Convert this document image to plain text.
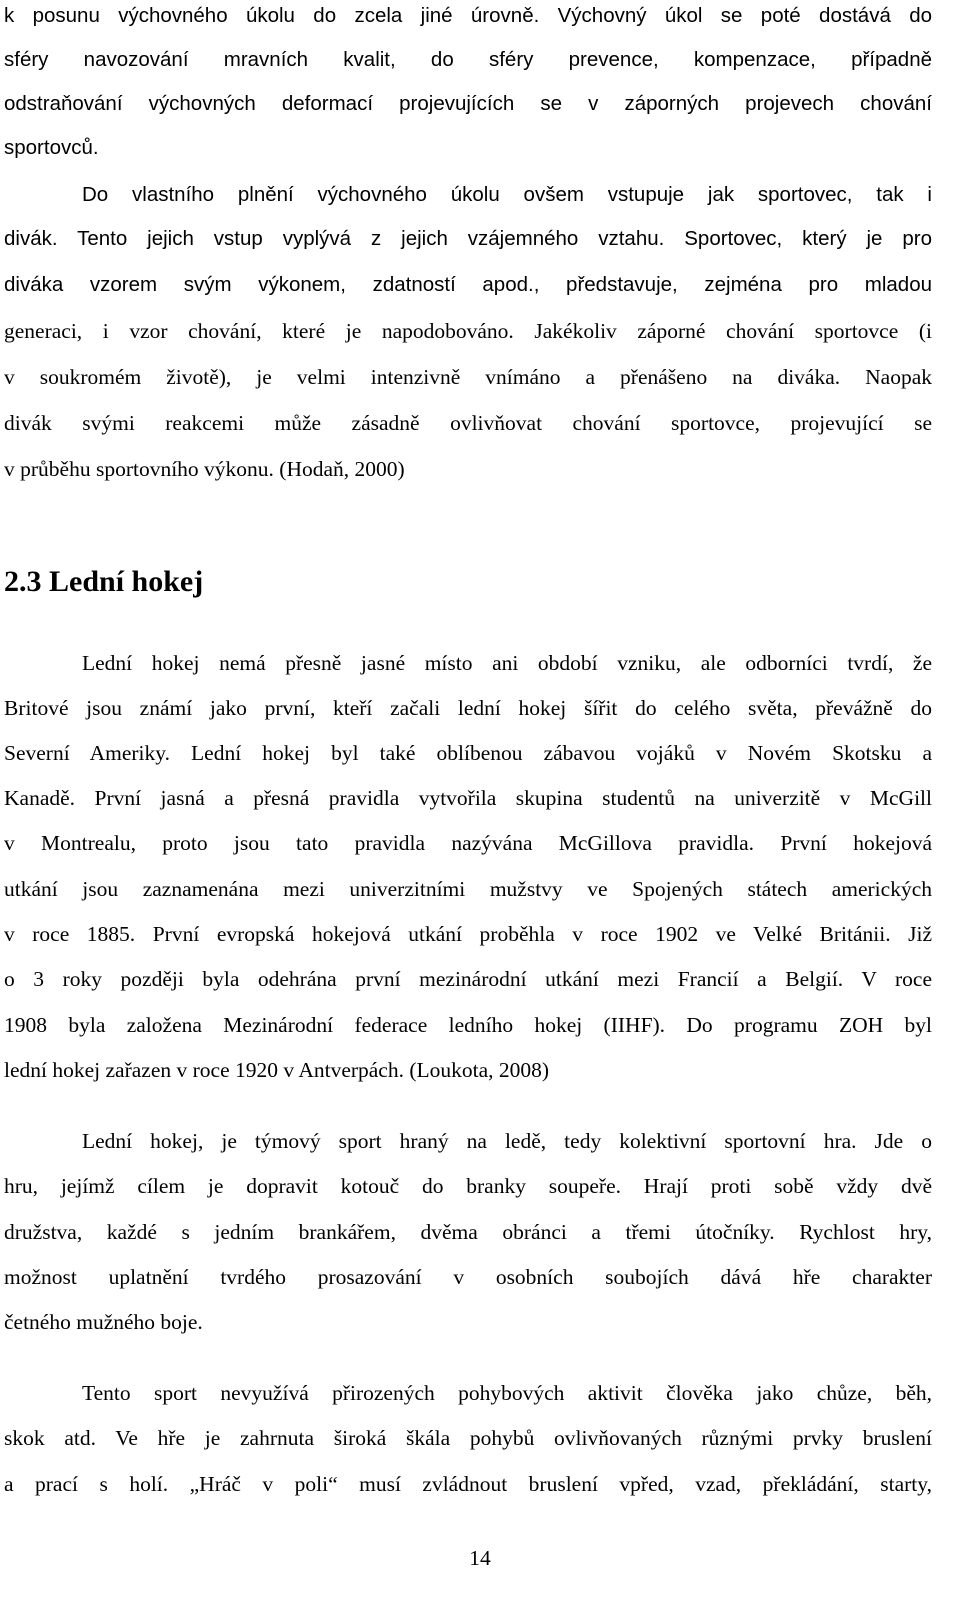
k posunu výchovného úkolu do zcela jiné úrovně. Výchovný úkol se poté dostává do
sféry navozování mravních kvalit, do sféry prevence, kompenzace, případně
odstraňování výchovných deformací projevujících se v záporných projevech chování
sportovců.
Do vlastního plnění výchovného úkolu ovšem vstupuje jak sportovec, tak i
divák. Tento jejich vstup vyplývá z jejich vzájemného vztahu. Sportovec, který je pro
diváka vzorem svým výkonem, zdatností apod., představuje, zejména pro mladou
generaci, i vzor chování, které je napodobováno. Jakékoliv záporné chování sportovce (i
v soukromém životě), je velmi intenzivně vnímáno a přenášeno na diváka. Naopak
divák svými reakcemi může zásadně ovlivňovat chování sportovce, projevující se
v průběhu sportovního výkonu. (Hodaň, 2000)
2.3 Lední hokej
Lední hokej nemá přesně jasné místo ani období vzniku, ale odborníci tvrdí, že
Britové jsou známí jako první, kteří začali lední hokej šířit do celého světa, převážně do
Severní Ameriky. Lední hokej byl také oblíbenou zábavou vojáků v Novém Skotsku a
Kanadě. První jasná a přesná pravidla vytvořila skupina studentů na univerzitě v McGill
v Montrealu, proto jsou tato pravidla nazývána McGillova pravidla. První hokejová
utkání jsou zaznamenána mezi univerzitními mužstvy ve Spojených státech amerických
v roce 1885. První evropská hokejová utkání proběhla v roce 1902 ve Velké Británii. Již
o 3 roky později byla odehrána první mezinárodní utkání mezi Francií a Belgií. V roce
1908 byla založena Mezinárodní federace ledního hokej (IIHF). Do programu ZOH byl
lední hokej zařazen v roce 1920 v Antverpách. (Loukota, 2008)
Lední hokej, je týmový sport hraný na ledě, tedy kolektivní sportovní hra. Jde o
hru, jejímž cílem je dopravit kotouč do branky soupeře. Hrají proti sobě vždy dvě
družstva, každé s jedním brankářem, dvěma obránci a třemi útočníky. Rychlost hry,
možnost uplatnění tvrdého prosazování v osobních soubojích dává hře charakter
četného mužného boje.
Tento sport nevyužívá přirozených pohybových aktivit člověka jako chůze, běh,
skok atd. Ve hře je zahrnuta široká škála pohybů ovlivňovaných různými prvky bruslení
a prací s holí. „Hráč v poli“ musí zvládnout bruslení vpřed, vzad, překládání, starty,
14
